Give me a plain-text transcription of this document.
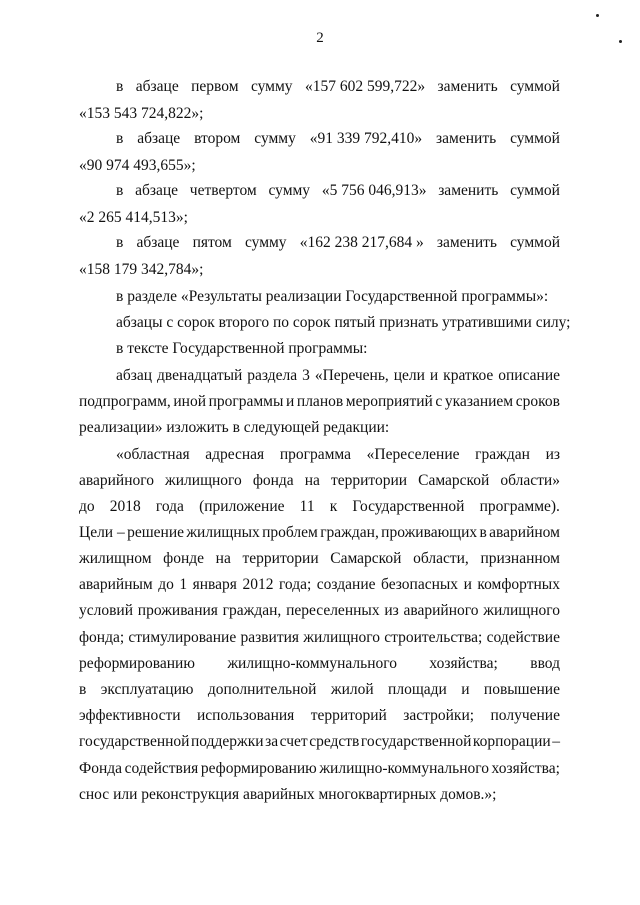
2
в абзаце первом сумму «157 602 599,722» заменить суммой
«153 543 724,822»;
в абзаце втором сумму «91 339 792,410» заменить суммой
«90 974 493,655»;
в абзаце четвертом сумму «5 756 046,913» заменить суммой
«2 265 414,513»;
в абзаце пятом сумму «162 238 217,684 » заменить суммой
«158 179 342,784»;
в разделе «Результаты реализации Государственной программы»:
абзацы с сорок второго по сорок пятый признать утратившими силу;
в тексте Государственной программы:
абзац двенадцатый раздела 3 «Перечень, цели и краткое описание
подпрограмм, иной программы и планов мероприятий с указанием сроков
реализации» изложить в следующей редакции:
«областная адресная программа «Переселение граждан из
аварийного жилищного фонда на территории Самарской области»
до 2018 года (приложение 11 к Государственной программе).
Цели – решение жилищных проблем граждан, проживающих в аварийном
жилищном фонде на территории Самарской области, признанном
аварийным до 1 января 2012 года; создание безопасных и комфортных
условий проживания граждан, переселенных из аварийного жилищного
фонда; стимулирование развития жилищного строительства; содействие
реформированию жилищно-коммунального хозяйства; ввод
в эксплуатацию дополнительной жилой площади и повышение
эффективности использования территорий застройки; получение
государственной поддержки за счет средств государственной корпорации –
Фонда содействия реформированию жилищно-коммунального хозяйства;
снос или реконструкция аварийных многоквартирных домов.»;
